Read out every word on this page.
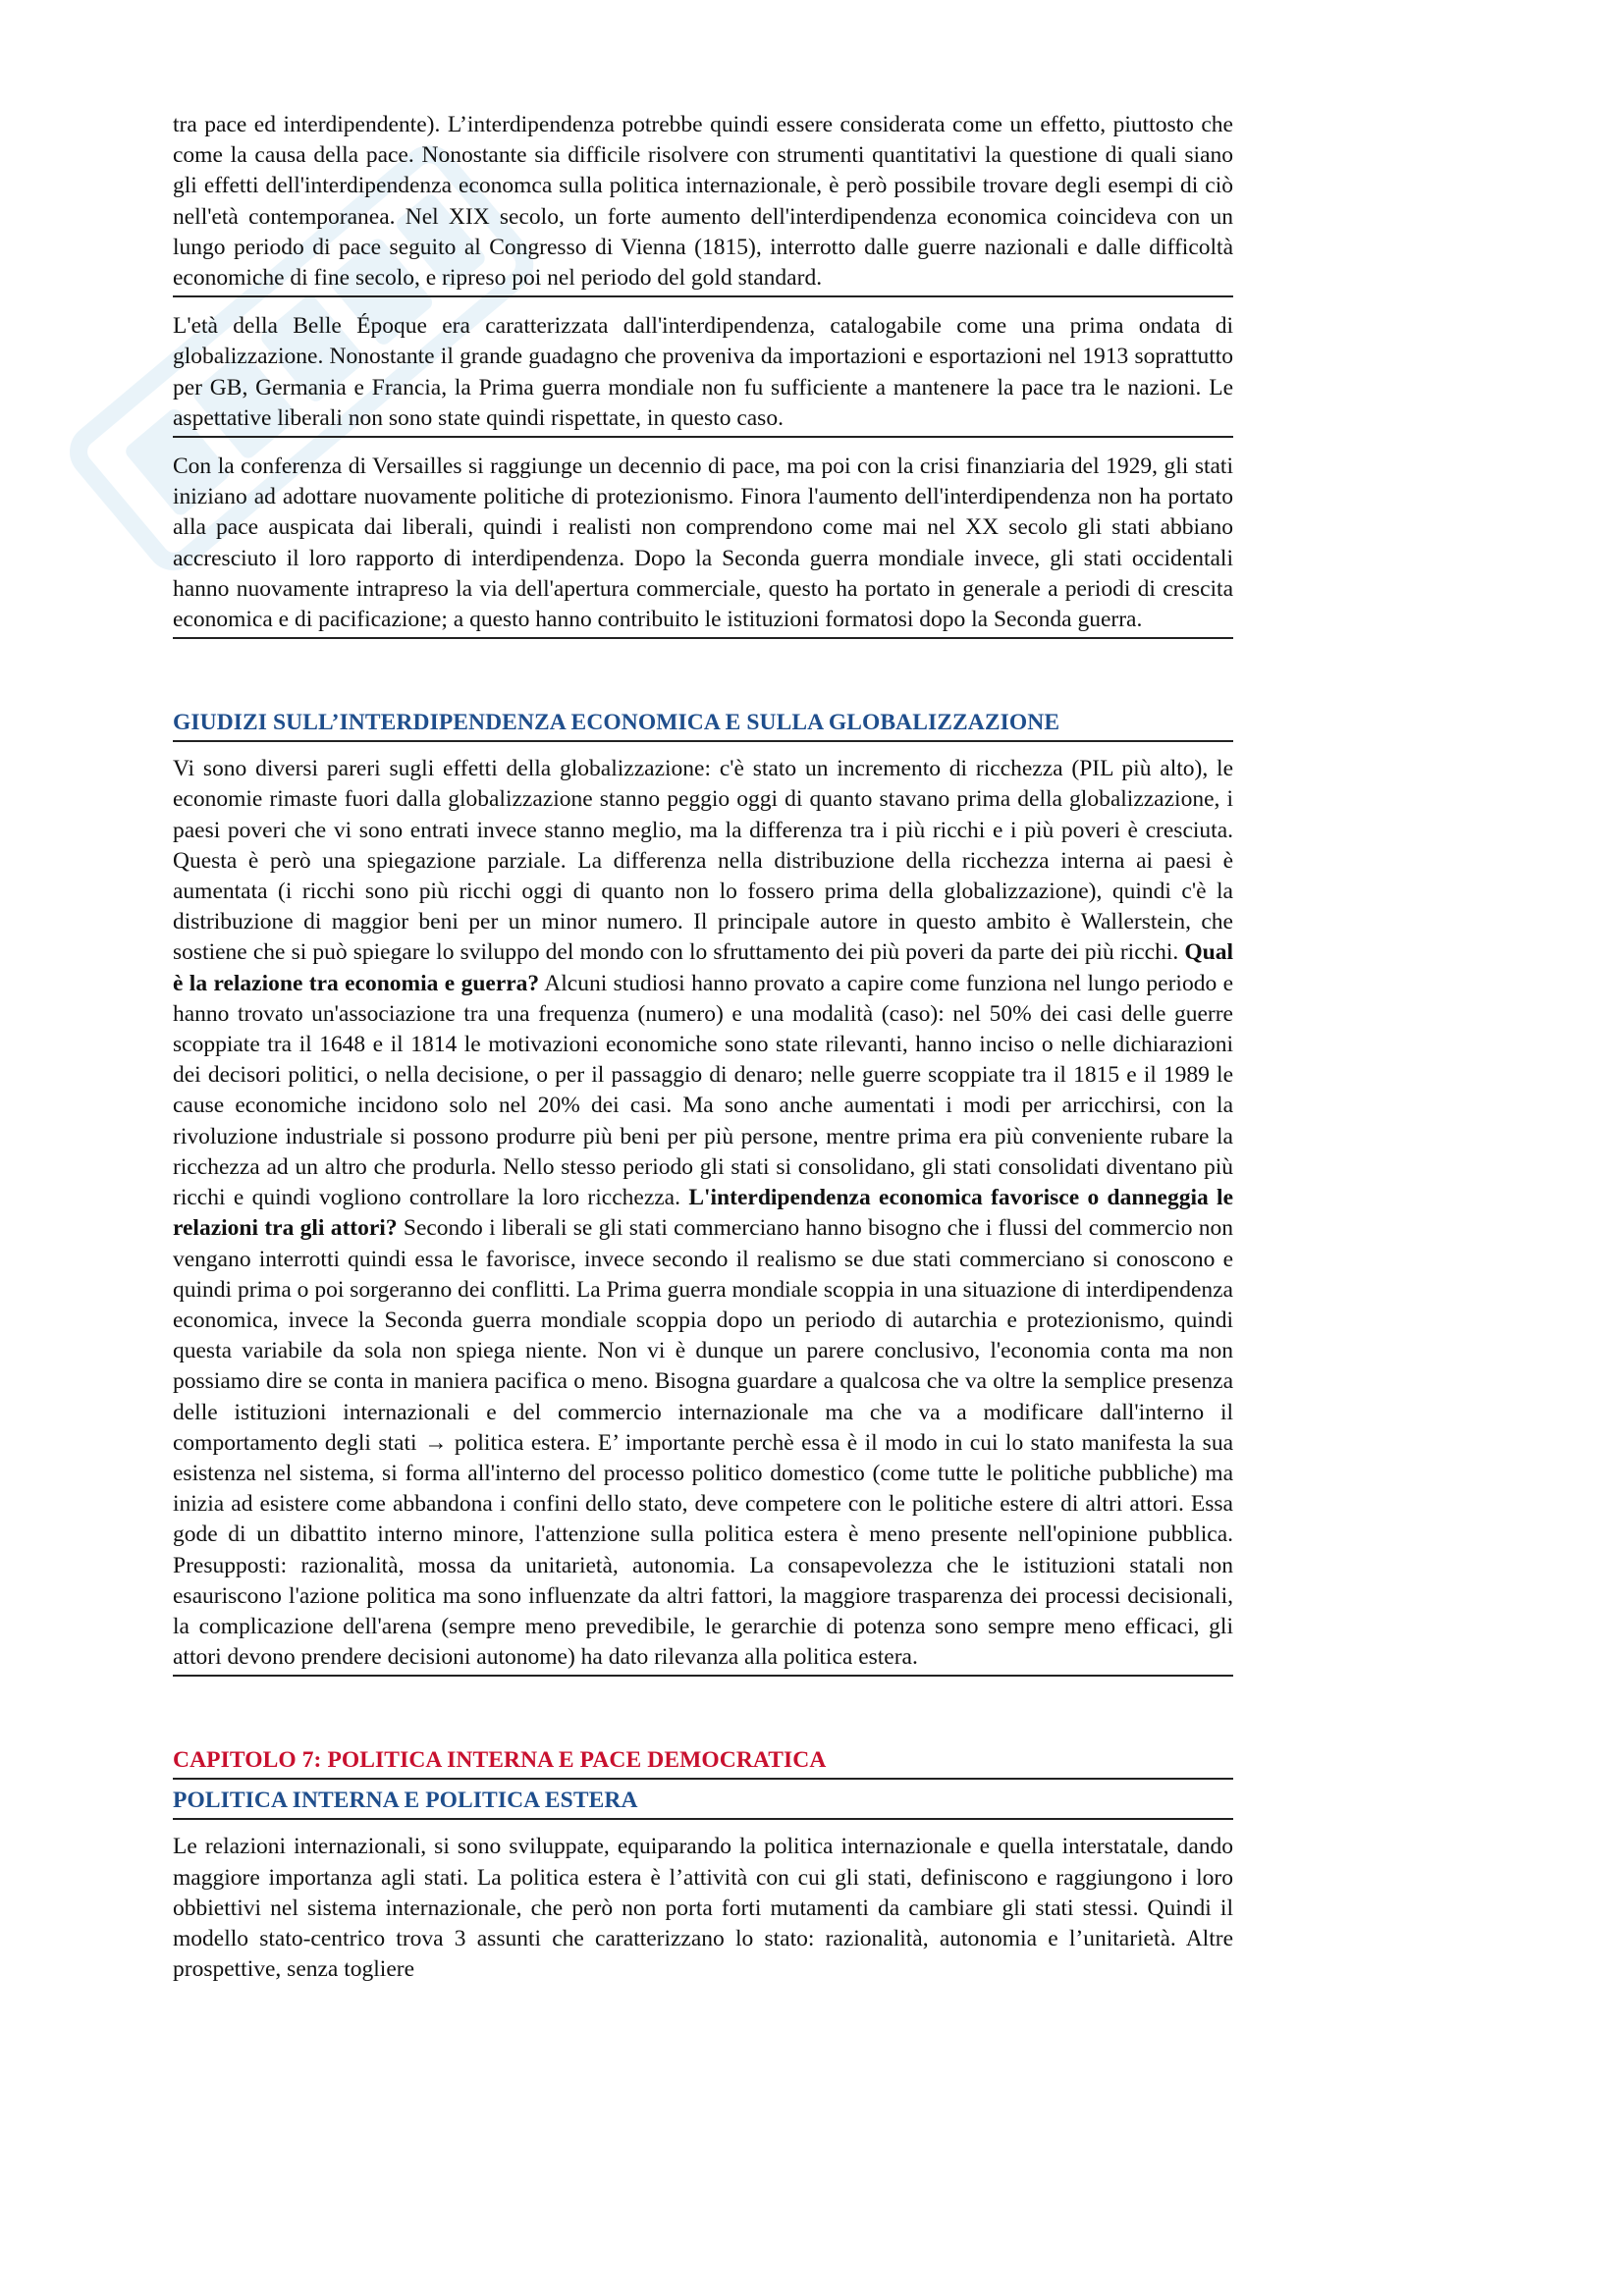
tra pace ed interdipendente). L’interdipendenza potrebbe quindi essere considerata come un effetto, piuttosto che come la causa della pace. Nonostante sia difficile risolvere con strumenti quantitativi la questione di quali siano gli effetti dell'interdipendenza economca sulla politica internazionale, è però possibile trovare degli esempi di ciò nell'età contemporanea. Nel XIX secolo, un forte aumento dell'interdipendenza economica coincideva con un lungo periodo di pace seguito al Congresso di Vienna (1815), interrotto dalle guerre nazionali e dalle difficoltà economiche di fine secolo, e ripreso poi nel periodo del gold standard.

L'età della Belle Époque era caratterizzata dall'interdipendenza, catalogabile come una prima ondata di globalizzazione. Nonostante il grande guadagno che proveniva da importazioni e esportazioni nel 1913 soprattutto per GB, Germania e Francia, la Prima guerra mondiale non fu sufficiente a mantenere la pace tra le nazioni. Le aspettative liberali non sono state quindi rispettate, in questo caso.

Con la conferenza di Versailles si raggiunge un decennio di pace, ma poi con la crisi finanziaria del 1929, gli stati iniziano ad adottare nuovamente politiche di protezionismo. Finora l'aumento dell'interdipendenza non ha portato alla pace auspicata dai liberali, quindi i realisti non comprendono come mai nel XX secolo gli stati abbiano accresciuto il loro rapporto di interdipendenza. Dopo la Seconda guerra mondiale invece, gli stati occidentali hanno nuovamente intrapreso la via dell'apertura commerciale, questo ha portato in generale a periodi di crescita economica e di pacificazione; a questo hanno contribuito le istituzioni formatosi dopo la Seconda guerra.

GIUDIZI SULL’INTERDIPENDENZA ECONOMICA E SULLA GLOBALIZZAZIONE

Vi sono diversi pareri sugli effetti della globalizzazione: c'è stato un incremento di ricchezza (PIL più alto), le economie rimaste fuori dalla globalizzazione stanno peggio oggi di quanto stavano prima della globalizzazione, i paesi poveri che vi sono entrati invece stanno meglio, ma la differenza tra i più ricchi e i più poveri è cresciuta. Questa è però una spiegazione parziale. La differenza nella distribuzione della ricchezza interna ai paesi è aumentata (i ricchi sono più ricchi oggi di quanto non lo fossero prima della globalizzazione), quindi c'è la distribuzione di maggior beni per un minor numero. Il principale autore in questo ambito è Wallerstein, che sostiene che si può spiegare lo sviluppo del mondo con lo sfruttamento dei più poveri da parte dei più ricchi. Qual è la relazione tra economia e guerra? Alcuni studiosi hanno provato a capire come funziona nel lungo periodo e hanno trovato un'associazione tra una frequenza (numero) e una modalità (caso): nel 50% dei casi delle guerre scoppiate tra il 1648 e il 1814 le motivazioni economiche sono state rilevanti, hanno inciso o nelle dichiarazioni dei decisori politici, o nella decisione, o per il passaggio di denaro; nelle guerre scoppiate tra il 1815 e il 1989 le cause economiche incidono solo nel 20% dei casi. Ma sono anche aumentati i modi per arricchirsi, con la rivoluzione industriale si possono produrre più beni per più persone, mentre prima era più conveniente rubare la ricchezza ad un altro che produrla. Nello stesso periodo gli stati si consolidano, gli stati consolidati diventano più ricchi e quindi vogliono controllare la loro ricchezza. L'interdipendenza economica favorisce o danneggia le relazioni tra gli attori? Secondo i liberali se gli stati commerciano hanno bisogno che i flussi del commercio non vengano interrotti quindi essa le favorisce, invece secondo il realismo se due stati commerciano si conoscono e quindi prima o poi sorgeranno dei conflitti. La Prima guerra mondiale scoppia in una situazione di interdipendenza economica, invece la Seconda guerra mondiale scoppia dopo un periodo di autarchia e protezionismo, quindi questa variabile da sola non spiega niente. Non vi è dunque un parere conclusivo, l'economia conta ma non possiamo dire se conta in maniera pacifica o meno. Bisogna guardare a qualcosa che va oltre la semplice presenza delle istituzioni internazionali e del commercio internazionale ma che va a modificare dall'interno il comportamento degli stati → politica estera. E’ importante perchè essa è il modo in cui lo stato manifesta la sua esistenza nel sistema, si forma all'interno del processo politico domestico (come tutte le politiche pubbliche) ma inizia ad esistere come abbandona i confini dello stato, deve competere con le politiche estere di altri attori. Essa gode di un dibattito interno minore, l'attenzione sulla politica estera è meno presente nell'opinione pubblica. Presupposti: razionalità, mossa da unitarietà, autonomia. La consapevolezza che le istituzioni statali non esauriscono l'azione politica ma sono influenzate da altri fattori, la maggiore trasparenza dei processi decisionali, la complicazione dell'arena (sempre meno prevedibile, le gerarchie di potenza sono sempre meno efficaci, gli attori devono prendere decisioni autonome) ha dato rilevanza alla politica estera.

CAPITOLO 7: POLITICA INTERNA E PACE DEMOCRATICA
POLITICA INTERNA E POLITICA ESTERA

Le relazioni internazionali, si sono sviluppate, equiparando la politica internazionale e quella interstatale, dando maggiore importanza agli stati. La politica estera è l’attività con cui gli stati, definiscono e raggiungono i loro obbiettivi nel sistema internazionale, che però non porta forti mutamenti da cambiare gli stati stessi. Quindi il modello stato-centrico trova 3 assunti che caratterizzano lo stato: razionalità, autonomia e l’unitarietà. Altre prospettive, senza togliere
